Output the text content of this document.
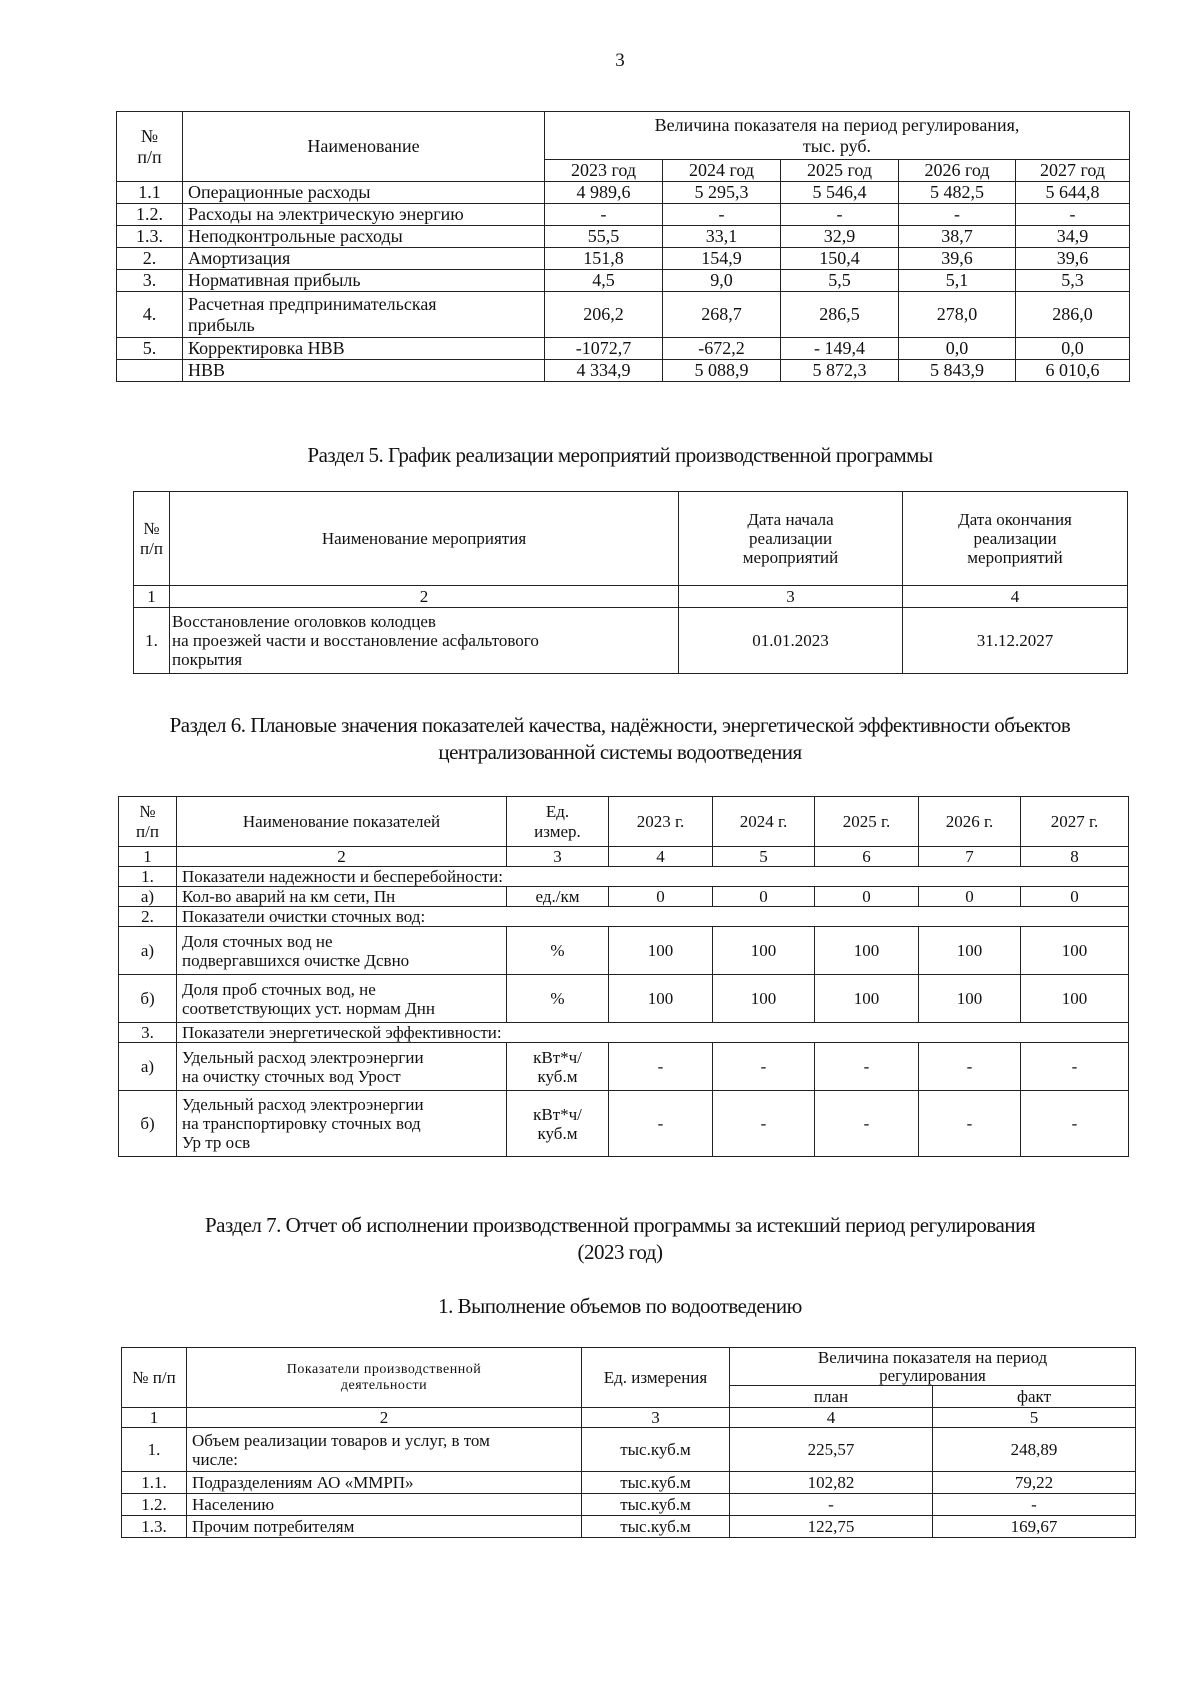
3
№
п/п	Наименование	Величина показателя на период регулирования,
тыс. руб.				
		2023 год	2024 год	2025 год	2026 год	2027 год
1.1	Операционные расходы	4 989,6	5 295,3	5 546,4	5 482,5	5 644,8
1.2.	Расходы на электрическую энергию	-	-	-	-	-
1.3.	Неподконтрольные расходы	55,5	33,1	32,9	38,7	34,9
2.	Амортизация	151,8	154,9	150,4	39,6	39,6
3.	Нормативная прибыль	4,5	9,0	5,5	5,1	5,3
4.	Расчетная предпринимательская
прибыль	206,2	268,7	286,5	278,0	286,0
5.	Корректировка НВВ	-1072,7	-672,2	- 149,4	0,0	0,0
	НВВ	4 334,9	5 088,9	5 872,3	5 843,9	6 010,6
Раздел 5. График реализации мероприятий производственной программы
№
п/п	Наименование мероприятия	Дата начала
реализации
мероприятий	Дата окончания
реализации
мероприятий
1	2	3	4
1.	Восстановление оголовков колодцев
на проезжей части и восстановление асфальтового
покрытия	01.01.2023	31.12.2027
Раздел 6. Плановые значения показателей качества, надёжности, энергетической эффективности объектов
централизованной системы водоотведения
№
п/п	Наименование показателей	Ед.
измер.	2023 г.	2024 г.	2025 г.	2026 г.	2027 г.
1	2	3	4	5	6	7	8
1.	Показатели надежности и бесперебойности:						
а)	Кол-во аварий на км сети, Пн	ед./км	0	0	0	0	0
2.	Показатели очистки сточных вод:						
а)	Доля сточных вод не
подвергавшихся очистке Дсвно	%	100	100	100	100	100
б)	Доля проб сточных вод, не
соответствующих уст. нормам Днн	%	100	100	100	100	100
3.	Показатели энергетической эффективности:						
а)	Удельный расход электроэнергии
на очистку сточных вод Урост	кВт*ч/
куб.м	-	-	-	-	-
б)	Удельный расход электроэнергии
на транспортировку сточных вод
Ур тр осв	кВт*ч/
куб.м	-	-	-	-	-
Раздел 7. Отчет об исполнении производственной программы за истекший период регулирования
(2023 год)
1. Выполнение объемов по водоотведению
№ п/п	Показатели производственной
деятельности	Ед. измерения	Величина показателя на период
регулирования	
			план	факт
1	2	3	4	5
1.	Объем реализации товаров и услуг, в том
числе:	тыс.куб.м	225,57	248,89
1.1.	Подразделениям АО «ММРП»	тыс.куб.м	102,82	79,22
1.2.	Населению	тыс.куб.м	-	-
1.3.	Прочим потребителям	тыс.куб.м	122,75	169,67
